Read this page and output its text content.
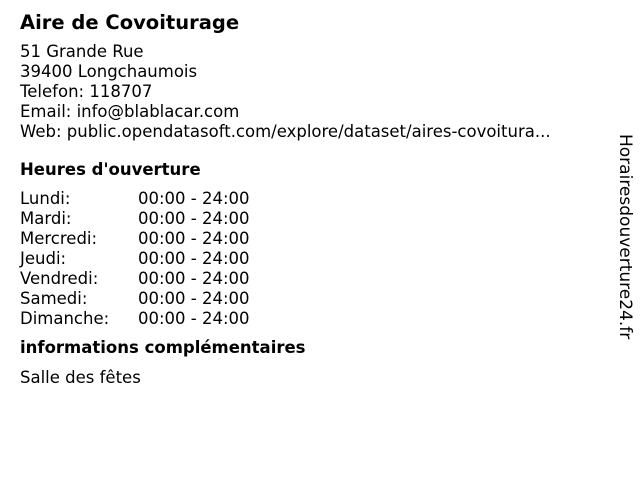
Aire de Covoiturage
51 Grande Rue
39400 Longchaumois
Telefon: 118707
Email: info@blablacar.com
Web: public.opendatasoft.com/explore/dataset/aires-covoitura...
Heures d'ouverture
Lundi:	00:00 - 24:00
Mardi:	00:00 - 24:00
Mercredi:	00:00 - 24:00
Jeudi:	00:00 - 24:00
Vendredi:	00:00 - 24:00
Samedi:	00:00 - 24:00
Dimanche:	00:00 - 24:00
informations complémentaires
Salle des fêtes
Horairesdouverture24.fr
